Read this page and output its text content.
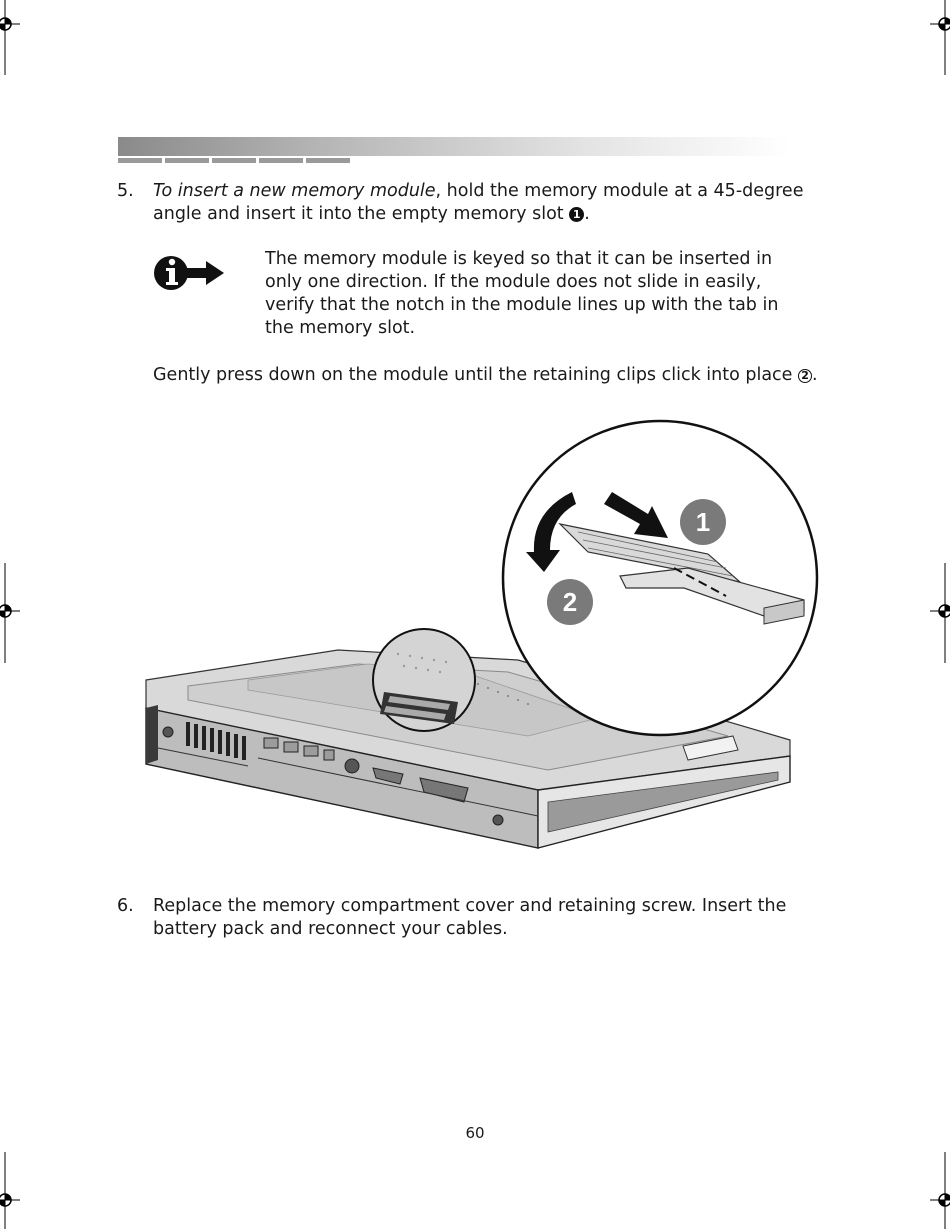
5. To insert a new memory module, hold the memory module at a 45-degree
angle and insert it into the empty memory slot 1 .
The memory module is keyed so that it can be inserted in
only one direction. If the module does not slide in easily,
verify that the notch in the module lines up with the tab in
the memory slot.
Gently press down on the module until the retaining clips click into place 2 .
1
2
6. Replace the memory compartment cover and retaining screw. Insert the
battery pack and reconnect your cables.
60
